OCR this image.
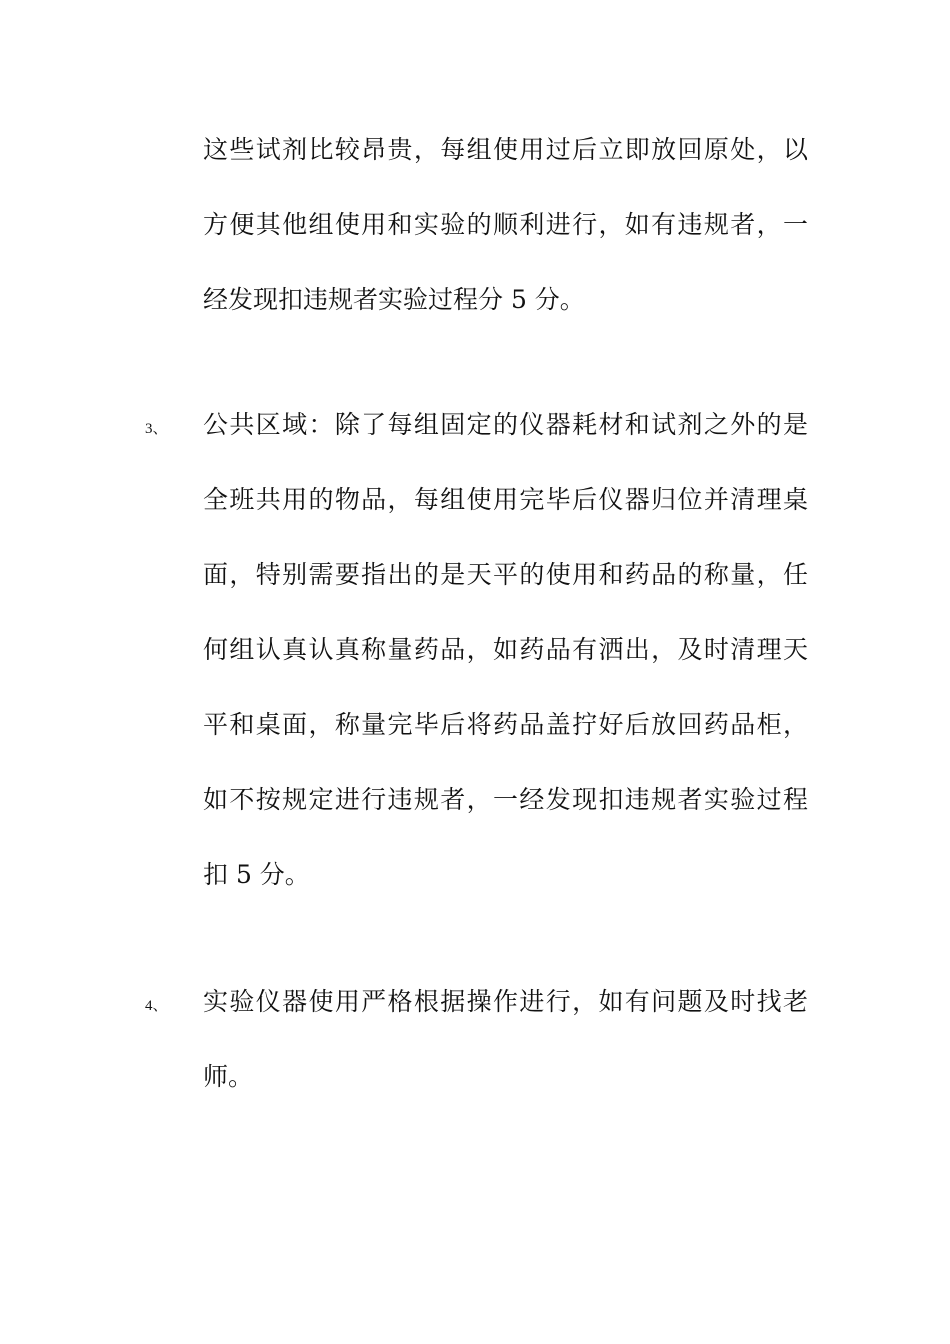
这些试剂比较昂贵，每组使用过后立即放回原处，以
方便其他组使用和实验的顺利进行，如有违规者，一
经发现扣违规者实验过程分 5 分。
3、 公共区域：除了每组固定的仪器耗材和试剂之外的是
全班共用的物品，每组使用完毕后仪器归位并清理桌
面，特别需要指出的是天平的使用和药品的称量，任
何组认真认真称量药品，如药品有洒出，及时清理天
平和桌面，称量完毕后将药品盖拧好后放回药品柜，
如不按规定进行违规者，一经发现扣违规者实验过程
扣 5 分。
4、 实验仪器使用严格根据操作进行，如有问题及时找老
师。
